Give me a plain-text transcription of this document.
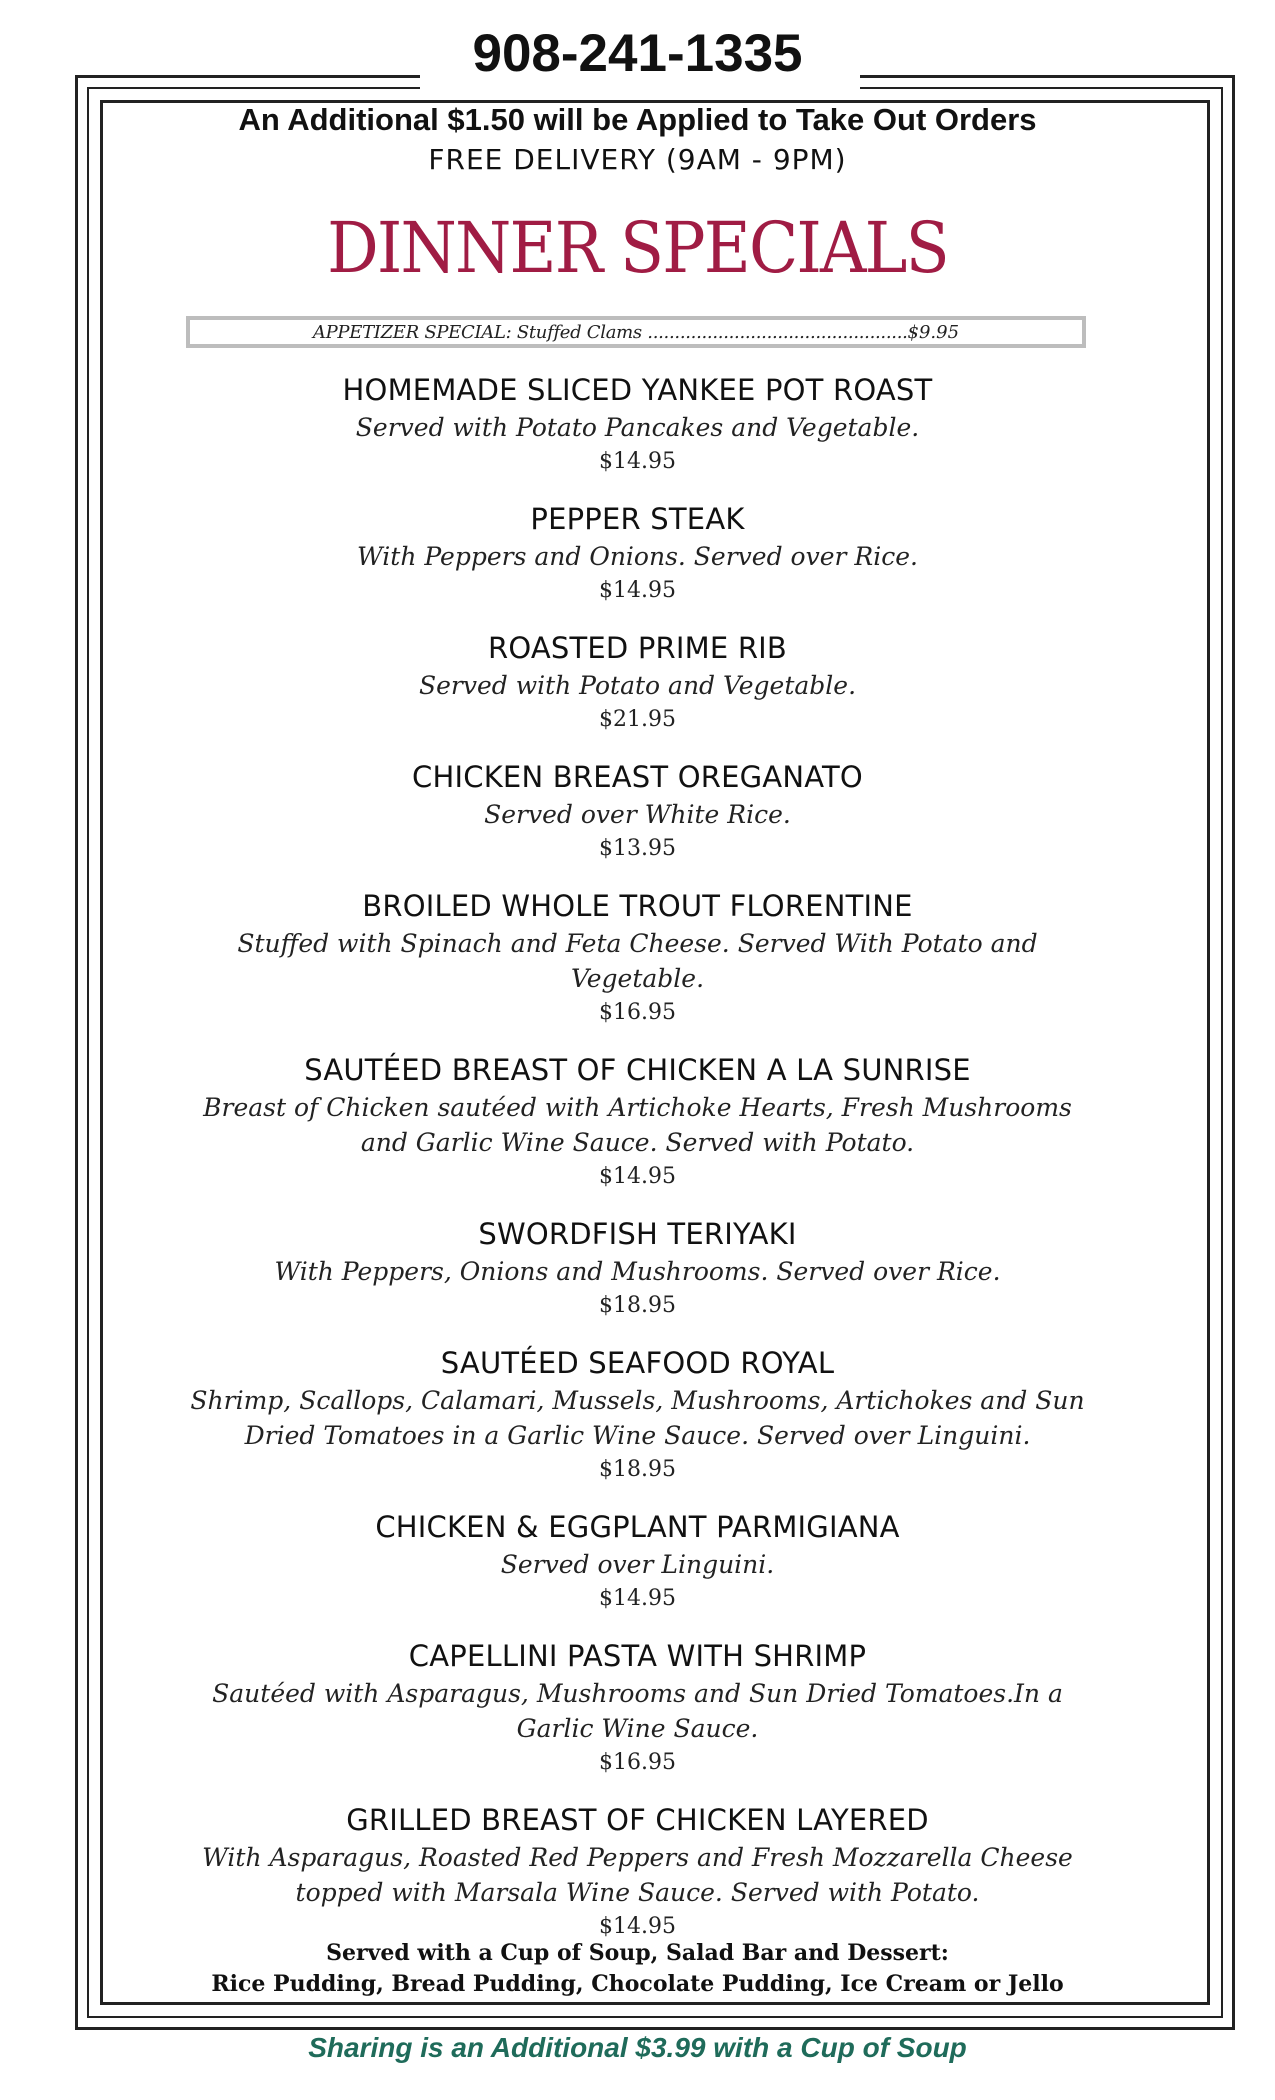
908-241-1335
An Additional $1.50 will be Applied to Take Out Orders
FREE DELIVERY (9AM - 9PM)
DINNER SPECIALS
APPETIZER SPECIAL: Stuffed Clams ................................................$9.95
HOMEMADE SLICED YANKEE POT ROAST
Served with Potato Pancakes and Vegetable.
$14.95
PEPPER STEAK
With Peppers and Onions. Served over Rice.
$14.95
ROASTED PRIME RIB
Served with Potato and Vegetable.
$21.95
CHICKEN BREAST OREGANATO
Served over White Rice.
$13.95
BROILED WHOLE TROUT FLORENTINE
Stuffed with Spinach and Feta Cheese. Served With Potato and Vegetable.
$16.95
SAUTÉED BREAST OF CHICKEN A LA SUNRISE
Breast of Chicken sautéed with Artichoke Hearts, Fresh Mushrooms and Garlic Wine Sauce. Served with Potato.
$14.95
SWORDFISH TERIYAKI
With Peppers, Onions and Mushrooms. Served over Rice.
$18.95
SAUTÉED SEAFOOD ROYAL
Shrimp, Scallops, Calamari, Mussels, Mushrooms, Artichokes and Sun Dried Tomatoes in a Garlic Wine Sauce. Served over Linguini.
$18.95
CHICKEN & EGGPLANT PARMIGIANA
Served over Linguini.
$14.95
CAPELLINI PASTA WITH SHRIMP
Sautéed with Asparagus, Mushrooms and Sun Dried Tomatoes.In a Garlic Wine Sauce.
$16.95
GRILLED BREAST OF CHICKEN LAYERED
With Asparagus, Roasted Red Peppers and Fresh Mozzarella Cheese topped with Marsala Wine Sauce. Served with Potato.
$14.95
Served with a Cup of Soup, Salad Bar and Dessert:
Rice Pudding, Bread Pudding, Chocolate Pudding, Ice Cream or Jello
Sharing is an Additional $3.99 with a Cup of Soup
